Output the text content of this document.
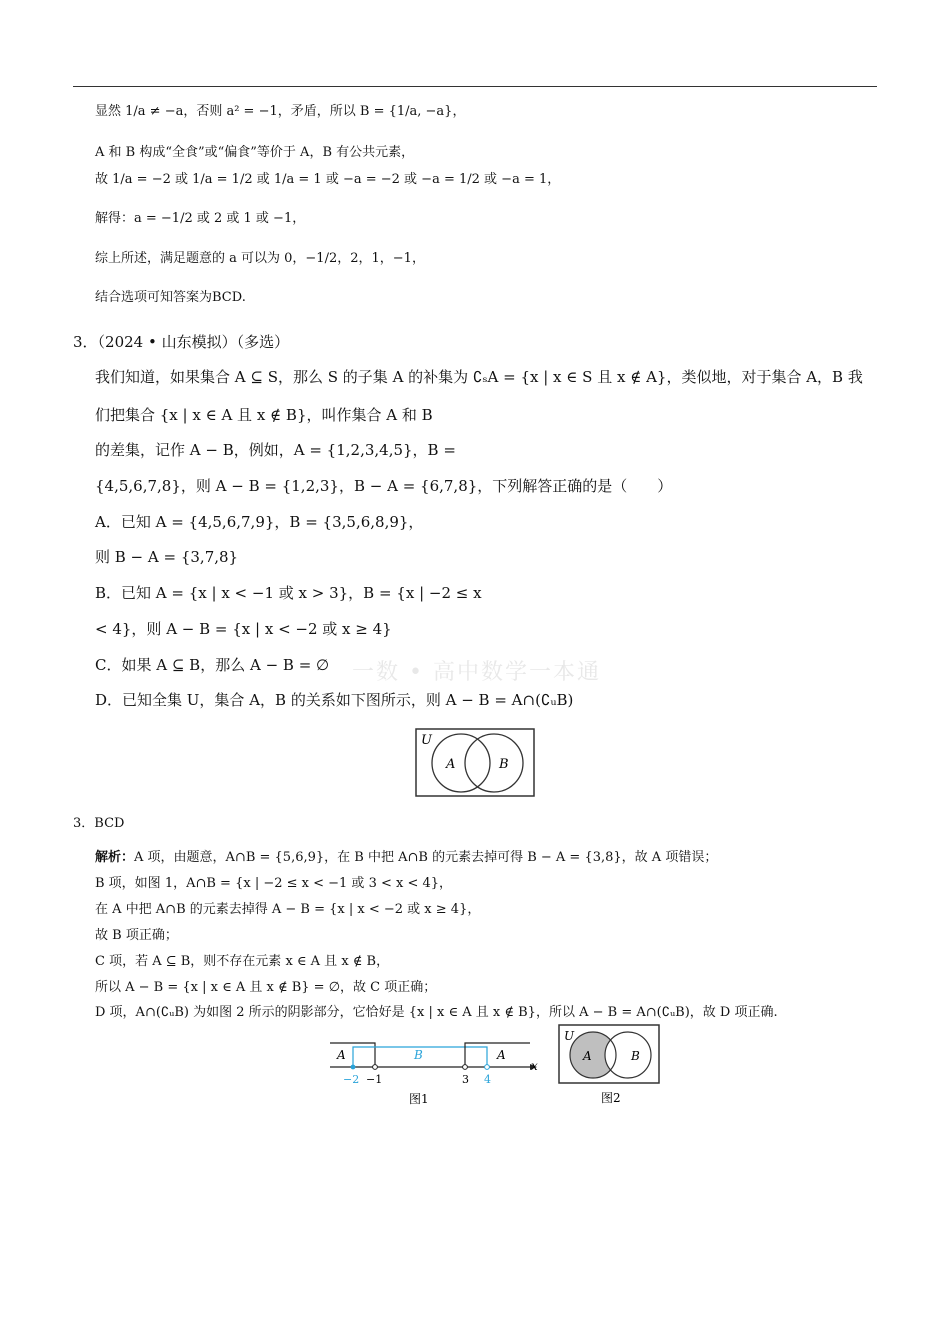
显然 1/a ≠ −a，否则 a² = −1，矛盾，所以 B = {1/a, −a}，
A 和 B 构成“全食”或“偏食”等价于 A，B 有公共元素，
故 1/a = −2 或 1/a = 1/2 或 1/a = 1 或 −a = −2 或 −a = 1/2 或 −a = 1，
解得：a = −1/2 或 2 或 1 或 −1，
综上所述，满足题意的 a 可以为 0，−1/2，2，1，−1，
结合选项可知答案为BCD.
3．（2024 • 山东模拟）（多选）
我们知道，如果集合 A ⊆ S，那么 S 的子集 A 的补集为 ∁ₛA = {x | x ∈ S 且 x ∉ A}，类似地，对于集合 A，B 我
们把集合 {x | x ∈ A 且 x ∉ B}，叫作集合 A 和 B
的差集，记作 A − B，例如，A = {1,2,3,4,5}，B =
{4,5,6,7,8}，则 A − B = {1,2,3}，B − A = {6,7,8}，下列解答正确的是（　　）
A．已知 A = {4,5,6,7,9}，B = {3,5,6,8,9}，
则 B − A = {3,7,8}
B．已知 A = {x | x < −1 或 x > 3}，B = {x | −2 ≤ x
< 4}，则 A − B = {x | x < −2 或 x ≥ 4}
C．如果 A ⊆ B，那么 A − B = ∅
D．已知全集 U，集合 A，B 的关系如下图所示，则 A − B = A∩(∁ᵤB)
一数 • 高中数学一本通
U
A	B
3．BCD
解析：A 项，由题意，A∩B = {5,6,9}，在 B 中把 A∩B 的元素去掉可得 B − A = {3,8}，故 A 项错误；
B 项，如图 1，A∩B = {x | −2 ≤ x < −1 或 3 < x < 4}，
在 A 中把 A∩B 的元素去掉得 A − B = {x | x < −2 或 x ≥ 4}，
故 B 项正确；
C 项，若 A ⊆ B，则不存在元素 x ∈ A 且 x ∉ B，
所以 A − B = {x | x ∈ A 且 x ∉ B} = ∅，故 C 项正确；
D 项，A∩(∁ᵤB) 为如图 2 所示的阴影部分，它恰好是 {x | x ∈ A 且 x ∉ B}，所以 A − B = A∩(∁ᵤB)，故 D 项正确.
A	B	A
x
−2 −1	3 4
图1
U
A	B
图2
